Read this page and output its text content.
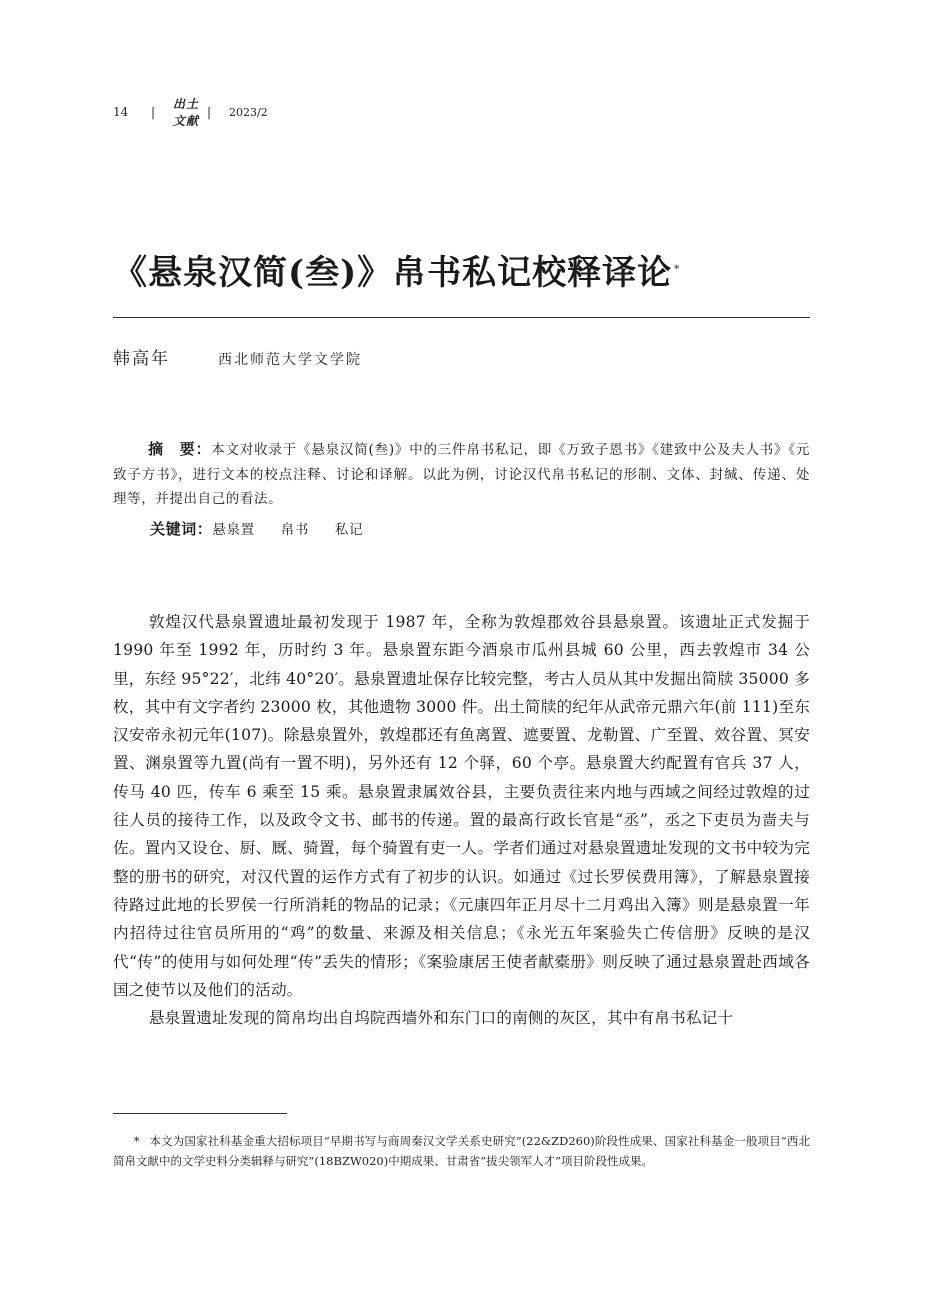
14	|
出土文献
|	2023/2
《悬泉汉简(叁)》帛书私记校释译论 *
韩高年	西北师范大学文学院

摘　要：本文对收录于《悬泉汉简(叁)》中的三件帛书私记，即《万致子恩书》《建致中公及夫人书》《元致子方书》，进行文本的校点注释、讨论和译解。以此为例，讨论汉代帛书私记的形制、文体、封缄、传递、处理等，并提出自己的看法。

关键词：悬泉置 帛书 私记

敦煌汉代悬泉置遗址最初发现于 1987 年，全称为敦煌郡效谷县悬泉置。该遗址正式发掘于 1990 年至 1992 年，历时约 3 年。悬泉置东距今酒泉市瓜州县城 60 公里，西去敦煌市 34 公里，东经 95°22′，北纬 40°20′。悬泉置遗址保存比较完整，考古人员从其中发掘出简牍 35000 多枚，其中有文字者约 23000 枚，其他遗物 3000 件。出土简牍的纪年从武帝元鼎六年(前 111)至东汉安帝永初元年(107)。除悬泉置外，敦煌郡还有鱼离置、遮要置、龙勒置、广至置、效谷置、冥安置、渊泉置等九置(尚有一置不明)，另外还有 12 个驿，60 个亭。悬泉置大约配置有官兵 37 人，传马 40 匹，传车 6 乘至 15 乘。悬泉置隶属效谷县，主要负责往来内地与西域之间经过敦煌的过往人员的接待工作，以及政令文书、邮书的传递。置的最高行政长官是“丞”，丞之下吏员为啬夫与佐。置内又设仓、厨、厩、骑置，每个骑置有吏一人。学者们通过对悬泉置遗址发现的文书中较为完整的册书的研究，对汉代置的运作方式有了初步的认识。如通过《过长罗侯费用簿》，了解悬泉置接待路过此地的长罗侯一行所消耗的物品的记录；《元康四年正月尽十二月鸡出入簿》则是悬泉置一年内招待过往官员所用的“鸡”的数量、来源及相关信息；《永光五年案验失亡传信册》反映的是汉代“传”的使用与如何处理“传”丢失的情形；《案验康居王使者献橐册》则反映了通过悬泉置赴西域各国之使节以及他们的活动。

悬泉置遗址发现的简帛均出自坞院西墙外和东门口的南侧的灰区，其中有帛书私记十

* 本文为国家社科基金重大招标项目“早期书写与商周秦汉文学关系史研究”(22&ZD260)阶段性成果、国家社科基金一般项目“西北简帛文献中的文学史料分类辑释与研究”(18BZW020)中期成果、甘肃省“拔尖领军人才”项目阶段性成果。
